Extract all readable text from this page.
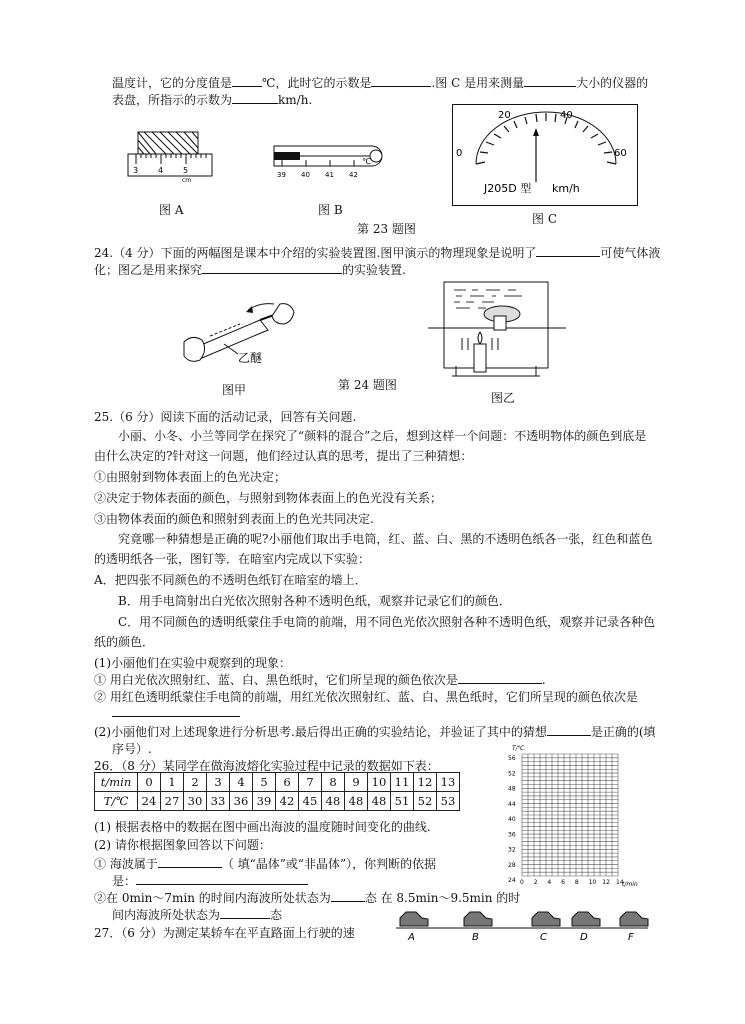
温度计，它的分度值是	℃，此时它的示数是	.图 C 是用来测量	大小的仪器的
表盘，所指示的示数为	km/h.
3 4 5
cm
图 A
39 40 41 42
℃
图 B
0
20	40
60
J205D 型 km/h
图 C
第 23 题图
24.（4 分）下面的两幅图是课本中介绍的实验装置图.图甲演示的物理现象是说明了	可使气体液
化；图乙是用来探究	的实验装置.
乙醚
图甲	第 24 题图
图乙
25.（6 分）阅读下面的活动记录，回答有关问题.
小丽、小冬、小兰等同学在探究了“颜料的混合”之后，想到这样一个问题：不透明物体的颜色到底是
由什么决定的?针对这一问题，他们经过认真的思考，提出了三种猜想：
①由照射到物体表面上的色光决定；
②决定于物体表面的颜色，与照射到物体表面上的色光没有关系；
③由物体表面的颜色和照射到表面上的色光共同决定.
究竟哪一种猜想是正确的呢?小丽他们取出手电筒，红、蓝、白、黑的不透明色纸各一张，红色和蓝色
的透明纸各一张，图钉等．在暗室内完成以下实验：
A．把四张不同颜色的不透明色纸钉在暗室的墙上．
B．用手电筒射出白光依次照射各种不透明色纸，观察并记录它们的颜色．
C．用不同颜色的透明纸蒙住手电筒的前端，用不同色光依次照射各种不透明色纸，观察并记录各种色
纸的颜色．
(1)小丽他们在实验中观察到的现象：
① 用白光依次照射红、蓝、白、黑色纸时，它们所呈现的颜色依次是	.
② 用红色透明纸蒙住手电筒的前端，用红光依次照射红、蓝、白、黑色纸时，它们所呈现的颜色依次是
(2)小丽他们对上述现象进行分析思考.最后得出正确的实验结论，并验证了其中的猜想	是正确的(填
序号）.
26．（8 分）某同学在做海波熔化实验过程中记录的数据如下表：
t/min	0	1	2	3	4	5	6	7	8	9	10	11	12	13
T/℃	24	27	30	33	36	39	42	45	48	48	48	51	52	53
T/℃
t/min
56
52
48
44
40
36
32
28
24 0 2 4 6 8 10 12 14
(1) 根据表格中的数据在图中画出海波的温度随时间变化的曲线.
(2) 请你根据图象回答以下问题：
① 海波属于	（ 填“晶体”或“非晶体”），你判断的依据
是：
②在 0min～7min 的时间内海波所处状态为	态 在 8.5min～9.5min 的时
间内海波所处状态为	态
27．（6 分）为测定某轿车在平直路面上行驶的速	A	B	C	D	F
